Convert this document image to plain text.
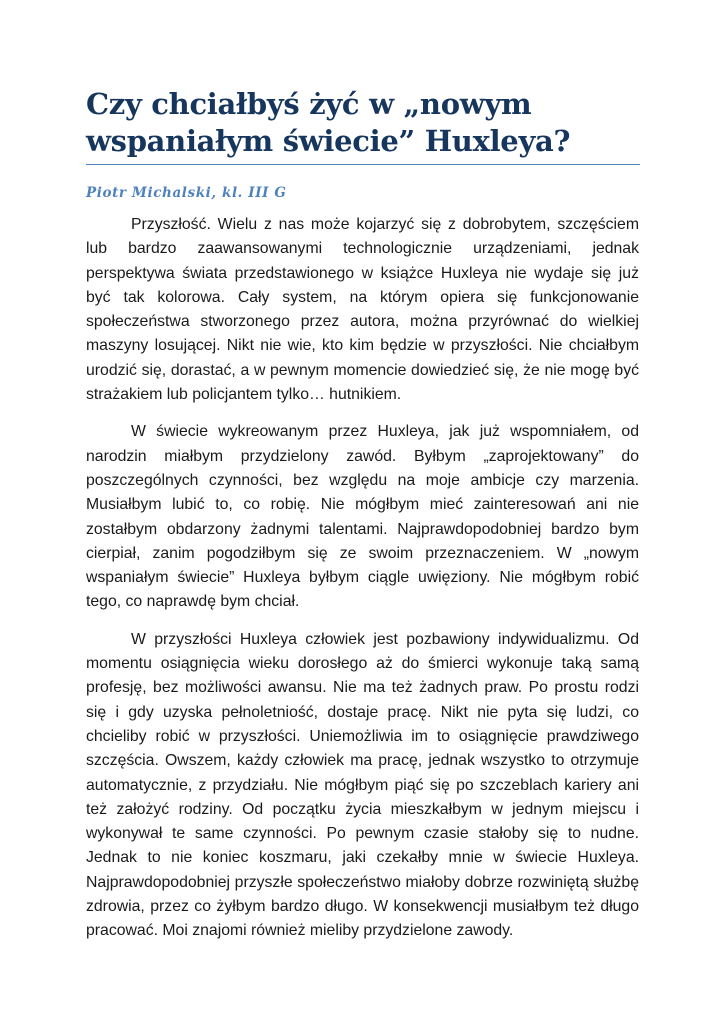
Czy chciałbyś żyć w „nowym wspaniałym świecie” Huxleya?

Piotr Michalski, kl. III G

Przyszłość. Wielu z nas może kojarzyć się z dobrobytem, szczęściem lub bardzo zaawansowanymi technologicznie urządzeniami, jednak perspektywa świata przedstawionego w książce Huxleya nie wydaje się już być tak kolorowa. Cały system, na którym opiera się funkcjonowanie społeczeństwa stworzonego przez autora, można przyrównać do wielkiej maszyny losującej. Nikt nie wie, kto kim będzie w przyszłości. Nie chciałbym urodzić się, dorastać, a w pewnym momencie dowiedzieć się, że nie mogę być strażakiem lub policjantem tylko… hutnikiem.

W świecie wykreowanym przez Huxleya, jak już wspomniałem, od narodzin miałbym przydzielony zawód. Byłbym „zaprojektowany” do poszczególnych czynności, bez względu na moje ambicje czy marzenia. Musiałbym lubić to, co robię. Nie mógłbym mieć zainteresowań ani nie zostałbym obdarzony żadnymi talentami. Najprawdopodobniej bardzo bym cierpiał, zanim pogodziłbym się ze swoim przeznaczeniem. W „nowym wspaniałym świecie” Huxleya byłbym ciągle uwięziony. Nie mógłbym robić tego, co naprawdę bym chciał.

W przyszłości Huxleya człowiek jest pozbawiony indywidualizmu. Od momentu osiągnięcia wieku dorosłego aż do śmierci wykonuje taką samą profesję, bez możliwości awansu. Nie ma też żadnych praw. Po prostu rodzi się i gdy uzyska pełnoletniość, dostaje pracę. Nikt nie pyta się ludzi, co chcieliby robić w przyszłości. Uniemożliwia im to osiągnięcie prawdziwego szczęścia. Owszem, każdy człowiek ma pracę, jednak wszystko to otrzymuje automatycznie, z przydziału. Nie mógłbym piąć się po szczeblach kariery ani też założyć rodziny. Od początku życia mieszkałbym w jednym miejscu i wykonywał te same czynności. Po pewnym czasie stałoby się to nudne. Jednak to nie koniec koszmaru, jaki czekałby mnie w świecie Huxleya. Najprawdopodobniej przyszłe społeczeństwo miałoby dobrze rozwiniętą służbę zdrowia, przez co żyłbym bardzo długo. W konsekwencji musiałbym też długo pracować. Moi znajomi również mieliby przydzielone zawody.
